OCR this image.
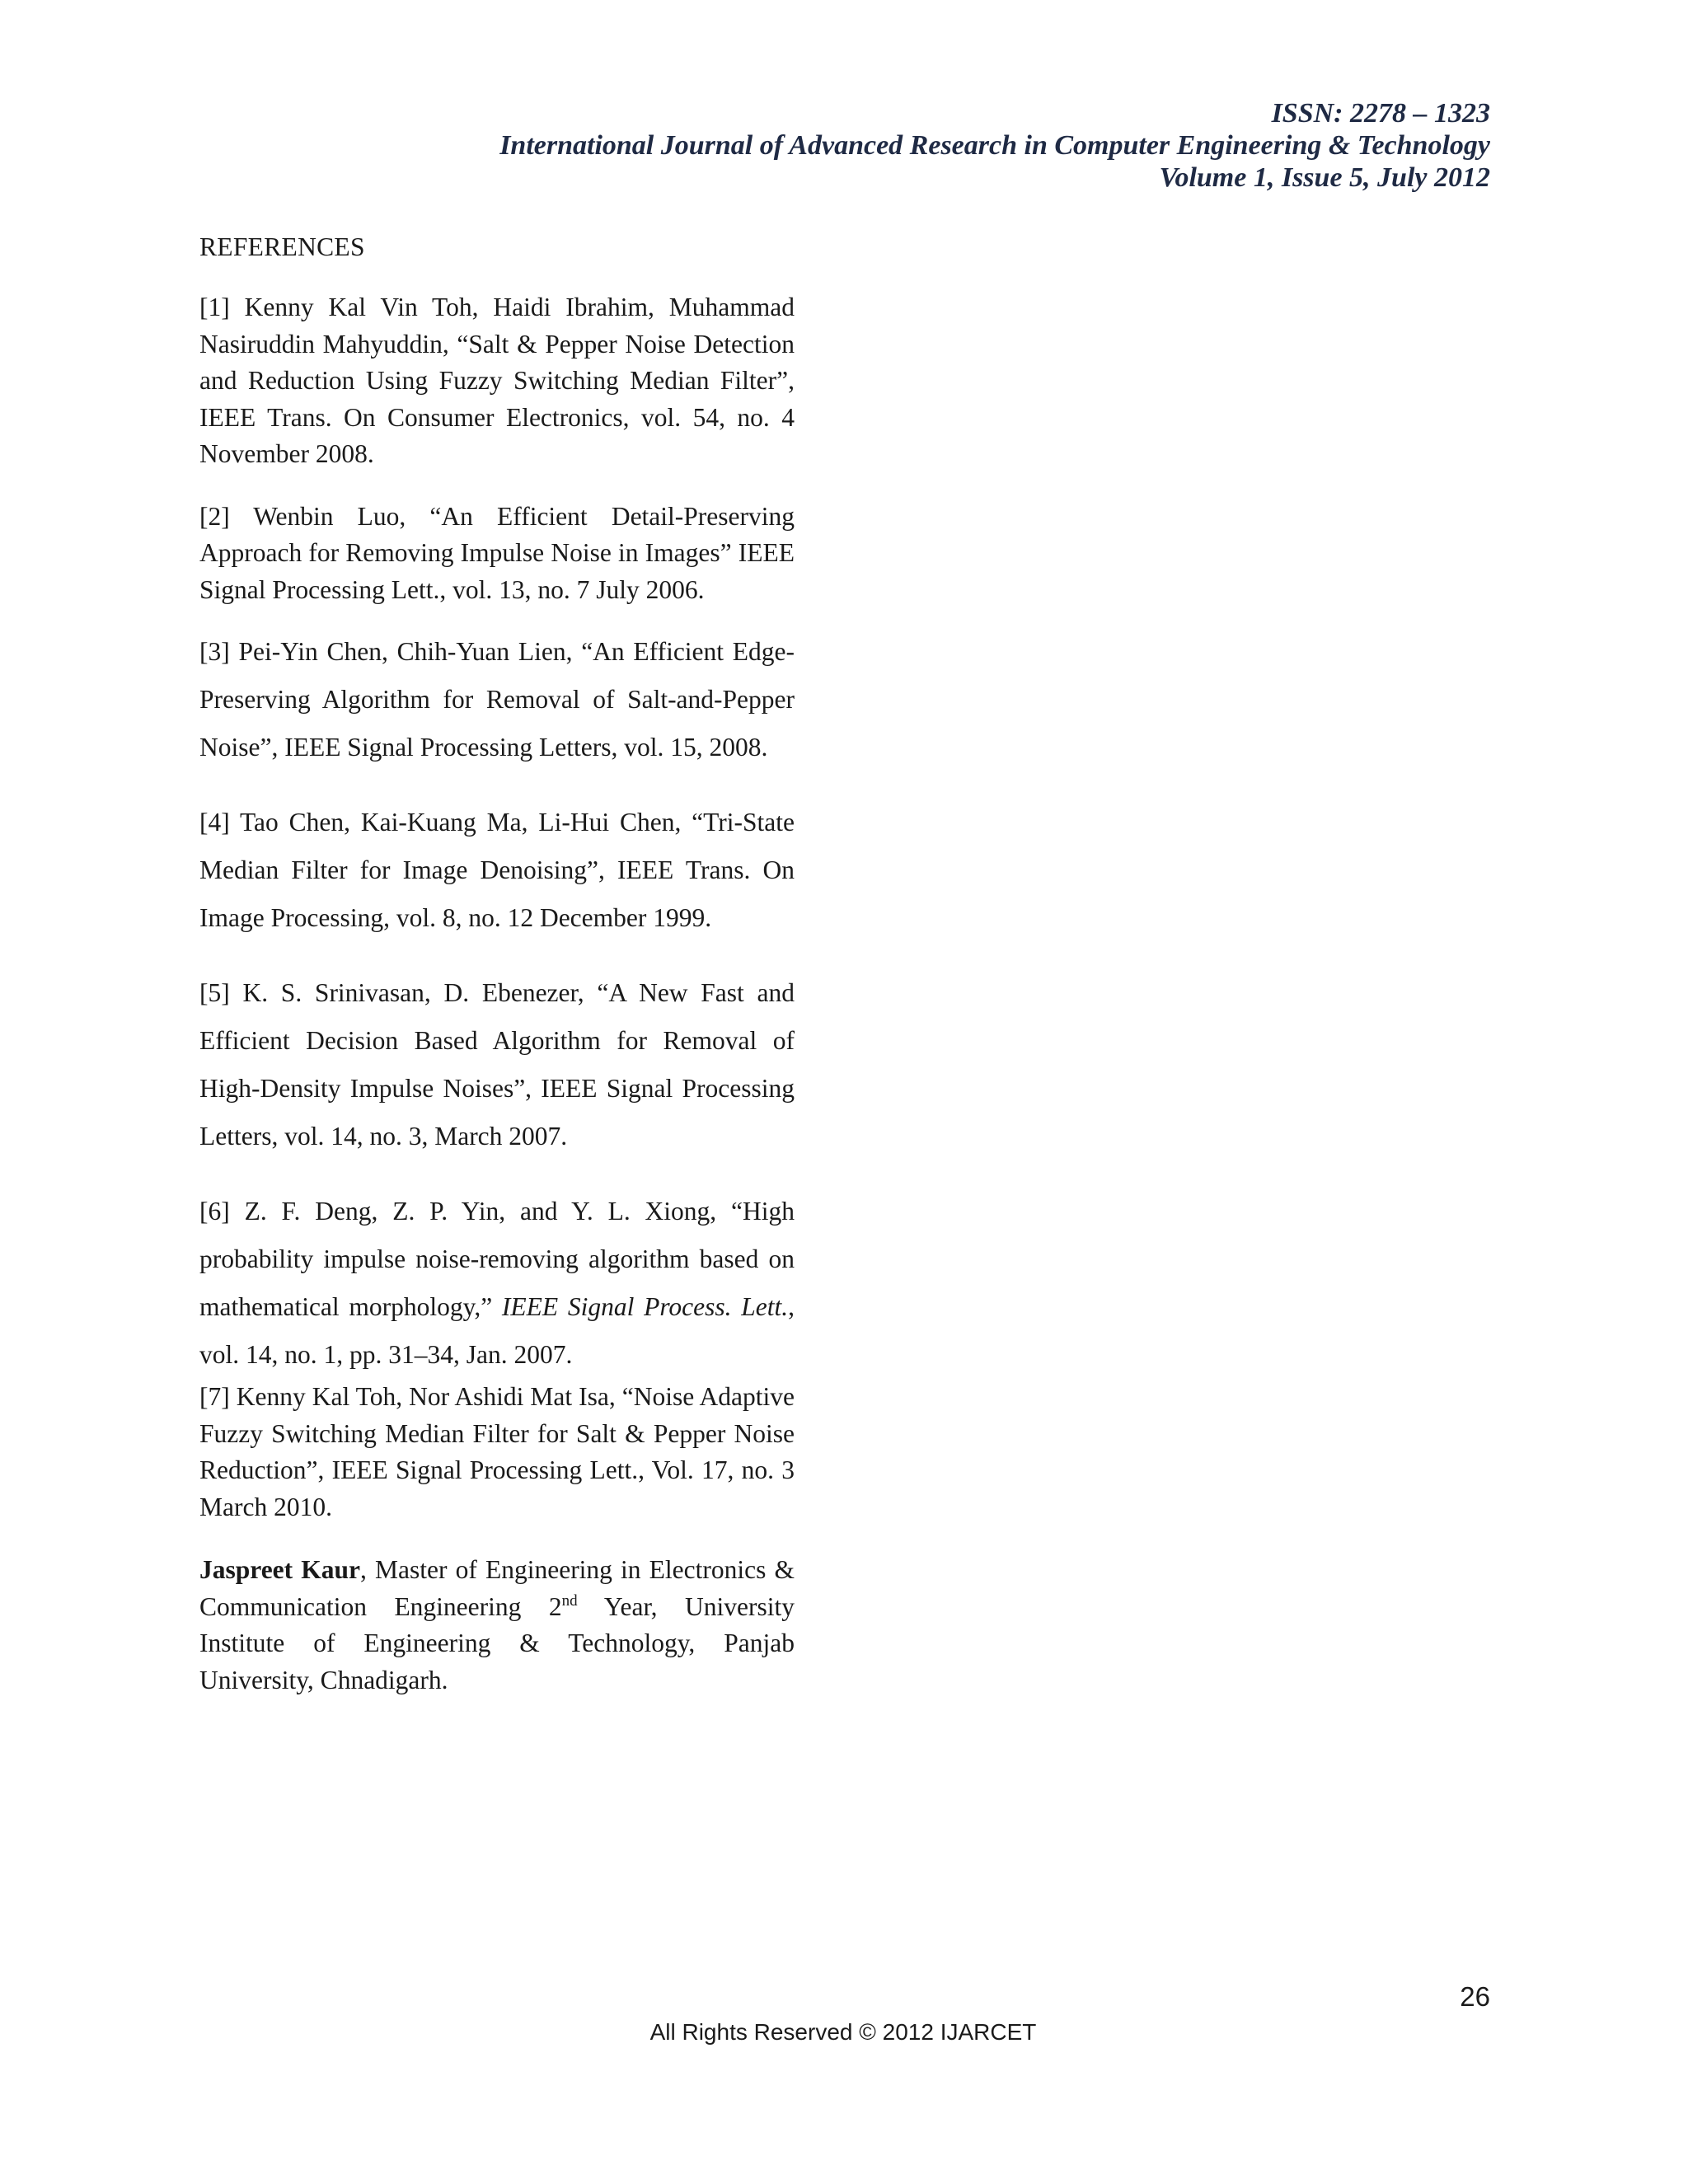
ISSN: 2278 – 1323
International Journal of Advanced Research in Computer Engineering & Technology
Volume 1, Issue 5, July 2012
REFERENCES

[1] Kenny Kal Vin Toh, Haidi Ibrahim, Muhammad Nasiruddin Mahyuddin, “Salt & Pepper Noise Detection and Reduction Using Fuzzy Switching Median Filter”, IEEE Trans. On Consumer Electronics, vol. 54, no. 4 November 2008.

[2] Wenbin Luo, “An Efficient Detail-Preserving Approach for Removing Impulse Noise in Images” IEEE Signal Processing Lett., vol. 13, no. 7 July 2006.

[3] Pei-Yin Chen, Chih-Yuan Lien, “An Efficient Edge-Preserving Algorithm for Removal of Salt-and-Pepper Noise”, IEEE Signal Processing Letters, vol. 15, 2008.

[4] Tao Chen, Kai-Kuang Ma, Li-Hui Chen, “Tri-State Median Filter for Image Denoising”, IEEE Trans. On Image Processing, vol. 8, no. 12 December 1999.

[5] K. S. Srinivasan, D. Ebenezer, “A New Fast and Efficient Decision Based Algorithm for Removal of High-Density Impulse Noises”, IEEE Signal Processing Letters, vol. 14, no. 3, March 2007.

[6] Z. F. Deng, Z. P. Yin, and Y. L. Xiong, “High probability impulse noise-removing algorithm based on mathematical morphology,” IEEE Signal Process. Lett., vol. 14, no. 1, pp. 31–34, Jan. 2007.

[7] Kenny Kal Toh, Nor Ashidi Mat Isa, “Noise Adaptive Fuzzy Switching Median Filter for Salt & Pepper Noise Reduction”, IEEE Signal Processing Lett., Vol. 17, no. 3 March 2010.

Jaspreet Kaur, Master of Engineering in Electronics & Communication Engineering 2nd Year, University Institute of Engineering & Technology, Panjab University, Chnadigarh.

26
All Rights Reserved © 2012 IJARCET
